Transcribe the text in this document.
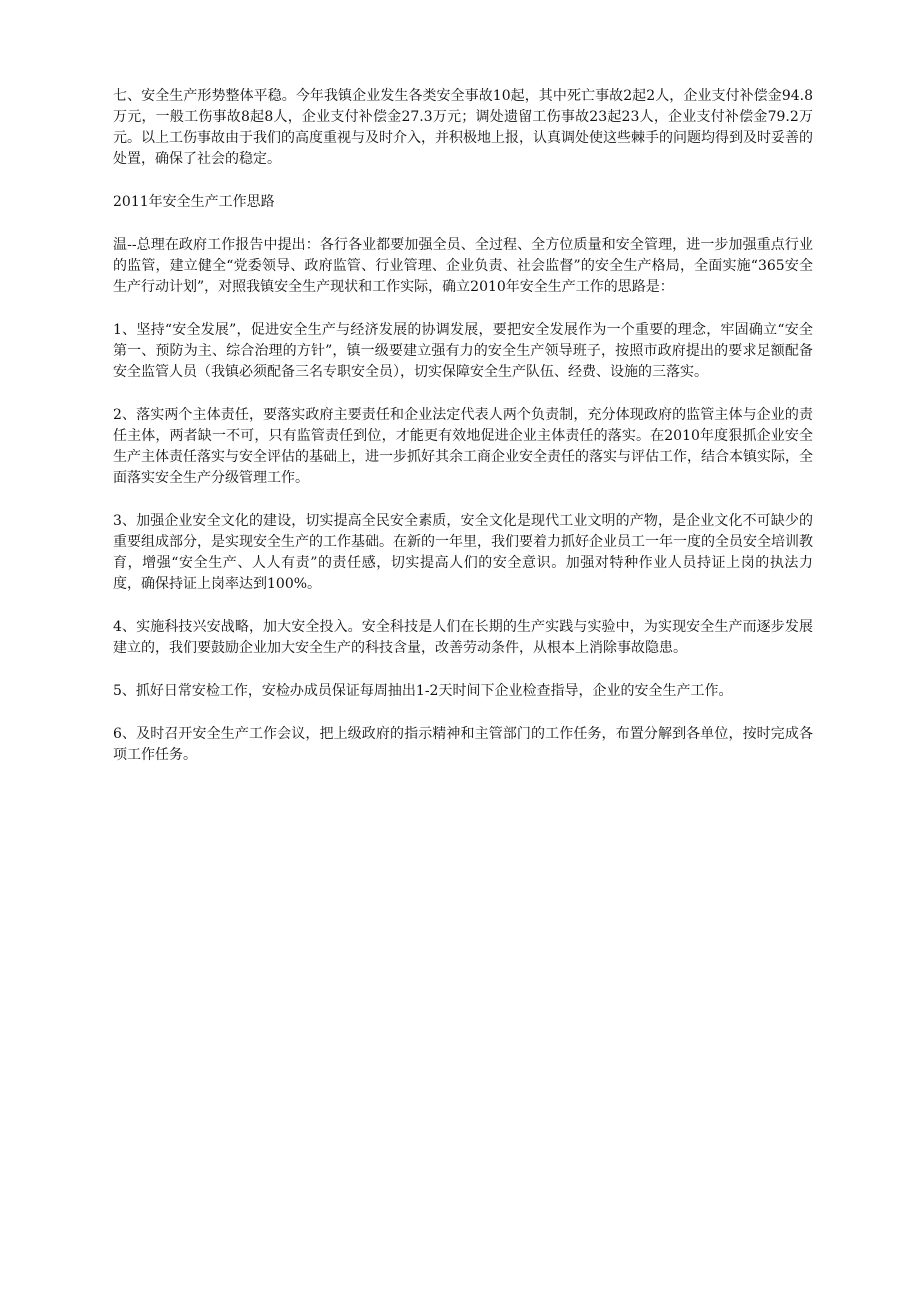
七、安全生产形势整体平稳。今年我镇企业发生各类安全事故10起，其中死亡事故2起2人，企业支付补偿金94.8万元，一般工伤事故8起8人，企业支付补偿金27.3万元；调处遗留工伤事故23起23人，企业支付补偿金79.2万元。以上工伤事故由于我们的高度重视与及时介入，并积极地上报，认真调处使这些棘手的问题均得到及时妥善的处置，确保了社会的稳定。

2011年安全生产工作思路

温--总理在政府工作报告中提出：各行各业都要加强全员、全过程、全方位质量和安全管理，进一步加强重点行业的监管，建立健全“党委领导、政府监管、行业管理、企业负责、社会监督”的安全生产格局，全面实施“365安全生产行动计划”，对照我镇安全生产现状和工作实际，确立2010年安全生产工作的思路是：

1、坚持“安全发展”，促进安全生产与经济发展的协调发展，要把安全发展作为一个重要的理念，牢固确立“安全第一、预防为主、综合治理的方针”，镇一级要建立强有力的安全生产领导班子，按照市政府提出的要求足额配备安全监管人员（我镇必须配备三名专职安全员），切实保障安全生产队伍、经费、设施的三落实。

2、落实两个主体责任，要落实政府主要责任和企业法定代表人两个负责制，充分体现政府的监管主体与企业的责任主体，两者缺一不可，只有监管责任到位，才能更有效地促进企业主体责任的落实。在2010年度狠抓企业安全生产主体责任落实与安全评估的基础上，进一步抓好其余工商企业安全责任的落实与评估工作，结合本镇实际，全面落实安全生产分级管理工作。

3、加强企业安全文化的建设，切实提高全民安全素质，安全文化是现代工业文明的产物，是企业文化不可缺少的重要组成部分，是实现安全生产的工作基础。在新的一年里，我们要着力抓好企业员工一年一度的全员安全培训教育，增强“安全生产、人人有责”的责任感，切实提高人们的安全意识。加强对特种作业人员持证上岗的执法力度，确保持证上岗率达到100%。

4、实施科技兴安战略，加大安全投入。安全科技是人们在长期的生产实践与实验中，为实现安全生产而逐步发展建立的，我们要鼓励企业加大安全生产的科技含量，改善劳动条件，从根本上消除事故隐患。

5、抓好日常安检工作，安检办成员保证每周抽出1-2天时间下企业检查指导，企业的安全生产工作。

6、及时召开安全生产工作会议，把上级政府的指示精神和主管部门的工作任务，布置分解到各单位，按时完成各项工作任务。
